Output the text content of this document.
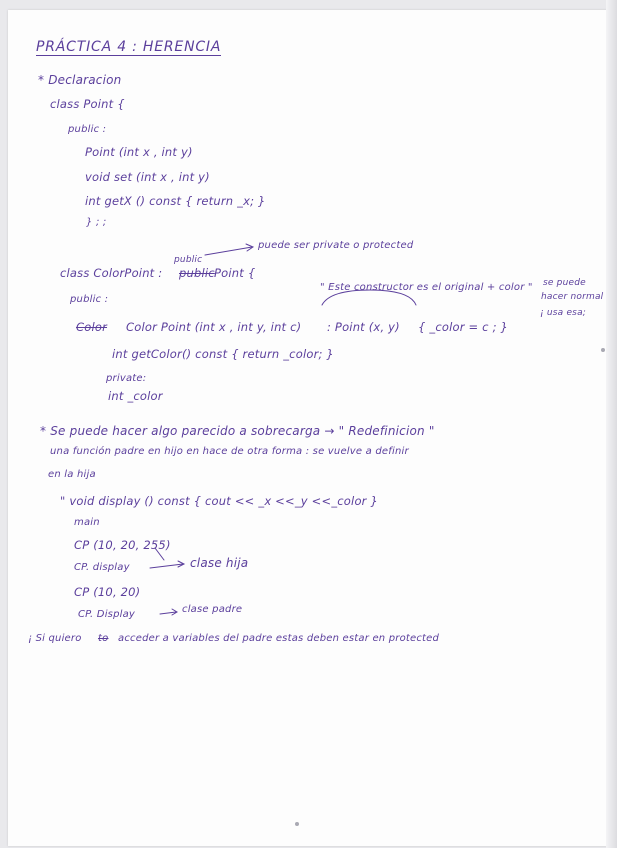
PRÁCTICA 4 : HERENCIA
* Declaracion
class Point {
public :
Point (int x , int y)
void set (int x , int y)
int getX () const { return _x; }
} ; ;
public
puede ser private o protected
class ColorPoint : public Point {
" Este constructor es el original + color " se puede
hacer normal
¡ usa esa;
public :
Color Color Point (int x , int y, int c) : Point (x, y) { _color = c ; }
int getColor() const { return _color; }
private:
int _color
* Se puede hacer algo parecido a sobrecarga → " Redefinicion "
una función padre en hijo en hace de otra forma : se vuelve a definir
en la hija
" void display () const { cout << _x <<_y <<_color }
main
CP (10, 20, 255)
CP. display	clase hija
CP (10, 20)
CP. Display	clase padre
¡ Si quiero to acceder a variables del padre estas deben estar en protected
